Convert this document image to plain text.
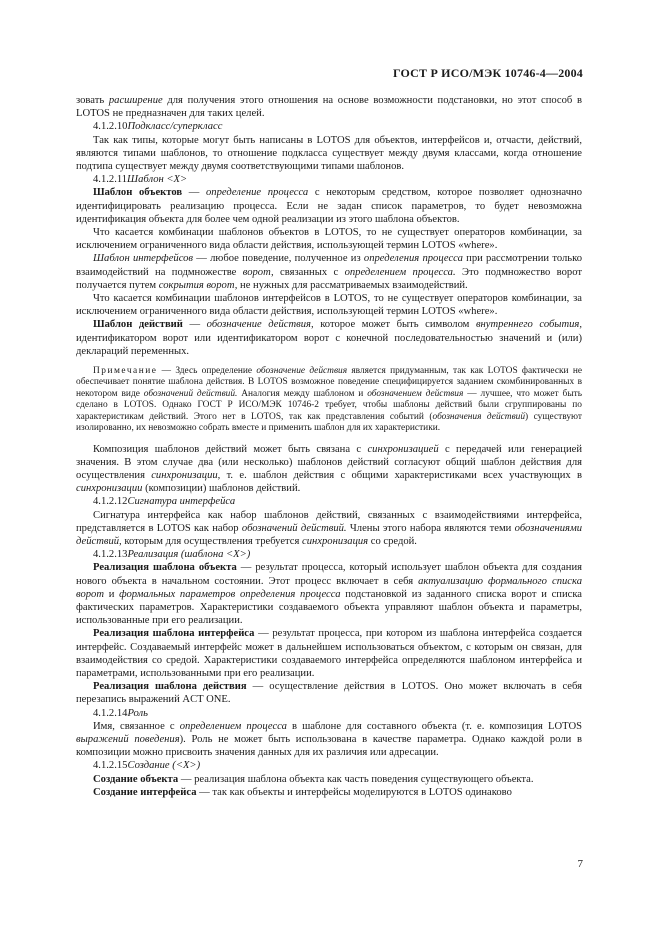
ГОСТ Р ИСО/МЭК 10746-4—2004

зовать расширение для получения этого отношения на основе возможности подстановки, но этот способ в LOTOS не предназначен для таких целей.

4.1.2.10Подкласс/суперкласс

Так как типы, которые могут быть написаны в LOTOS для объектов, интерфейсов и, отчасти, действий, являются типами шаблонов, то отношение подкласса существует между двумя классами, когда отношение подтипа существует между двумя соответствующими типами шаблонов.

4.1.2.11Шаблон <X>

Шаблон объектов — определение процесса с некоторым средством, которое позволяет однозначно идентифицировать реализацию процесса. Если не задан список параметров, то будет невозможна идентификация объекта для более чем одной реализации из этого шаблона объектов.

Что касается комбинации шаблонов объектов в LOTOS, то не существует операторов комбинации, за исключением ограниченного вида области действия, использующей термин LOTOS «where».

Шаблон интерфейсов — любое поведение, полученное из определения процесса при рассмотрении только взаимодействий на подмножестве ворот, связанных с определением процесса. Это подмножество ворот получается путем сокрытия ворот, не нужных для рассматриваемых взаимодействий.

Что касается комбинации шаблонов интерфейсов в LOTOS, то не существует операторов комбинации, за исключением ограниченного вида области действия, использующей термин LOTOS «where».

Шаблон действий — обозначение действия, которое может быть символом внутреннего события, идентификатором ворот или идентификатором ворот с конечной последовательностью значений и (или) деклараций переменных.

Примечание — Здесь определение обозначение действия является придуманным, так как LOTOS фактически не обеспечивает понятие шаблона действия. В LOTOS возможное поведение специфицируется заданием скомбинированных в некотором виде обозначений действий. Аналогия между шаблоном и обозначением действия — лучшее, что может быть сделано в LOTOS. Однако ГОСТ Р ИСО/МЭК 10746-2 требует, чтобы шаблоны действий были сгруппированы по характеристикам действий. Этого нет в LOTOS, так как представления событий (обозначения действий) существуют изолированно, их невозможно собрать вместе и применить шаблон для их характеристики.

Композиция шаблонов действий может быть связана с синхронизацией с передачей или генерацией значения. В этом случае два (или несколько) шаблонов действий согласуют общий шаблон действия для осуществления синхронизации, т. е. шаблон действия с общими характеристиками всех участвующих в синхронизации (композиции) шаблонов действий.

4.1.2.12Сигнатура интерфейса

Сигнатура интерфейса как набор шаблонов действий, связанных с взаимодействиями интерфейса, представляется в LOTOS как набор обозначений действий. Члены этого набора являются теми обозначениями действий, которым для осуществления требуется синхронизация со средой.

4.1.2.13Реализация (шаблона <X>)

Реализация шаблона объекта — результат процесса, который использует шаблон объекта для создания нового объекта в начальном состоянии. Этот процесс включает в себя актуализацию формального списка ворот и формальных параметров определения процесса подстановкой из заданного списка ворот и списка фактических параметров. Характеристики создаваемого объекта управляют шаблон объекта и параметры, использованные при его реализации.

Реализация шаблона интерфейса — результат процесса, при котором из шаблона интерфейса создается интерфейс. Создаваемый интерфейс может в дальнейшем использоваться объектом, с которым он связан, для взаимодействия со средой. Характеристики создаваемого интерфейса определяются шаблоном интерфейса и параметрами, использованными при его реализации.

Реализация шаблона действия — осуществление действия в LOTOS. Оно может включать в себя перезапись выражений ACT ONE.

4.1.2.14Роль

Имя, связанное с определением процесса в шаблоне для составного объекта (т. е. композиция LOTOS выражений поведения). Роль не может быть использована в качестве параметра. Однако каждой роли в композиции можно присвоить значения данных для их различия или адресации.

4.1.2.15Создание (<X>)

Создание объекта — реализация шаблона объекта как часть поведения существующего объекта.

Создание интерфейса — так как объекты и интерфейсы моделируются в LOTOS одинаково

7
